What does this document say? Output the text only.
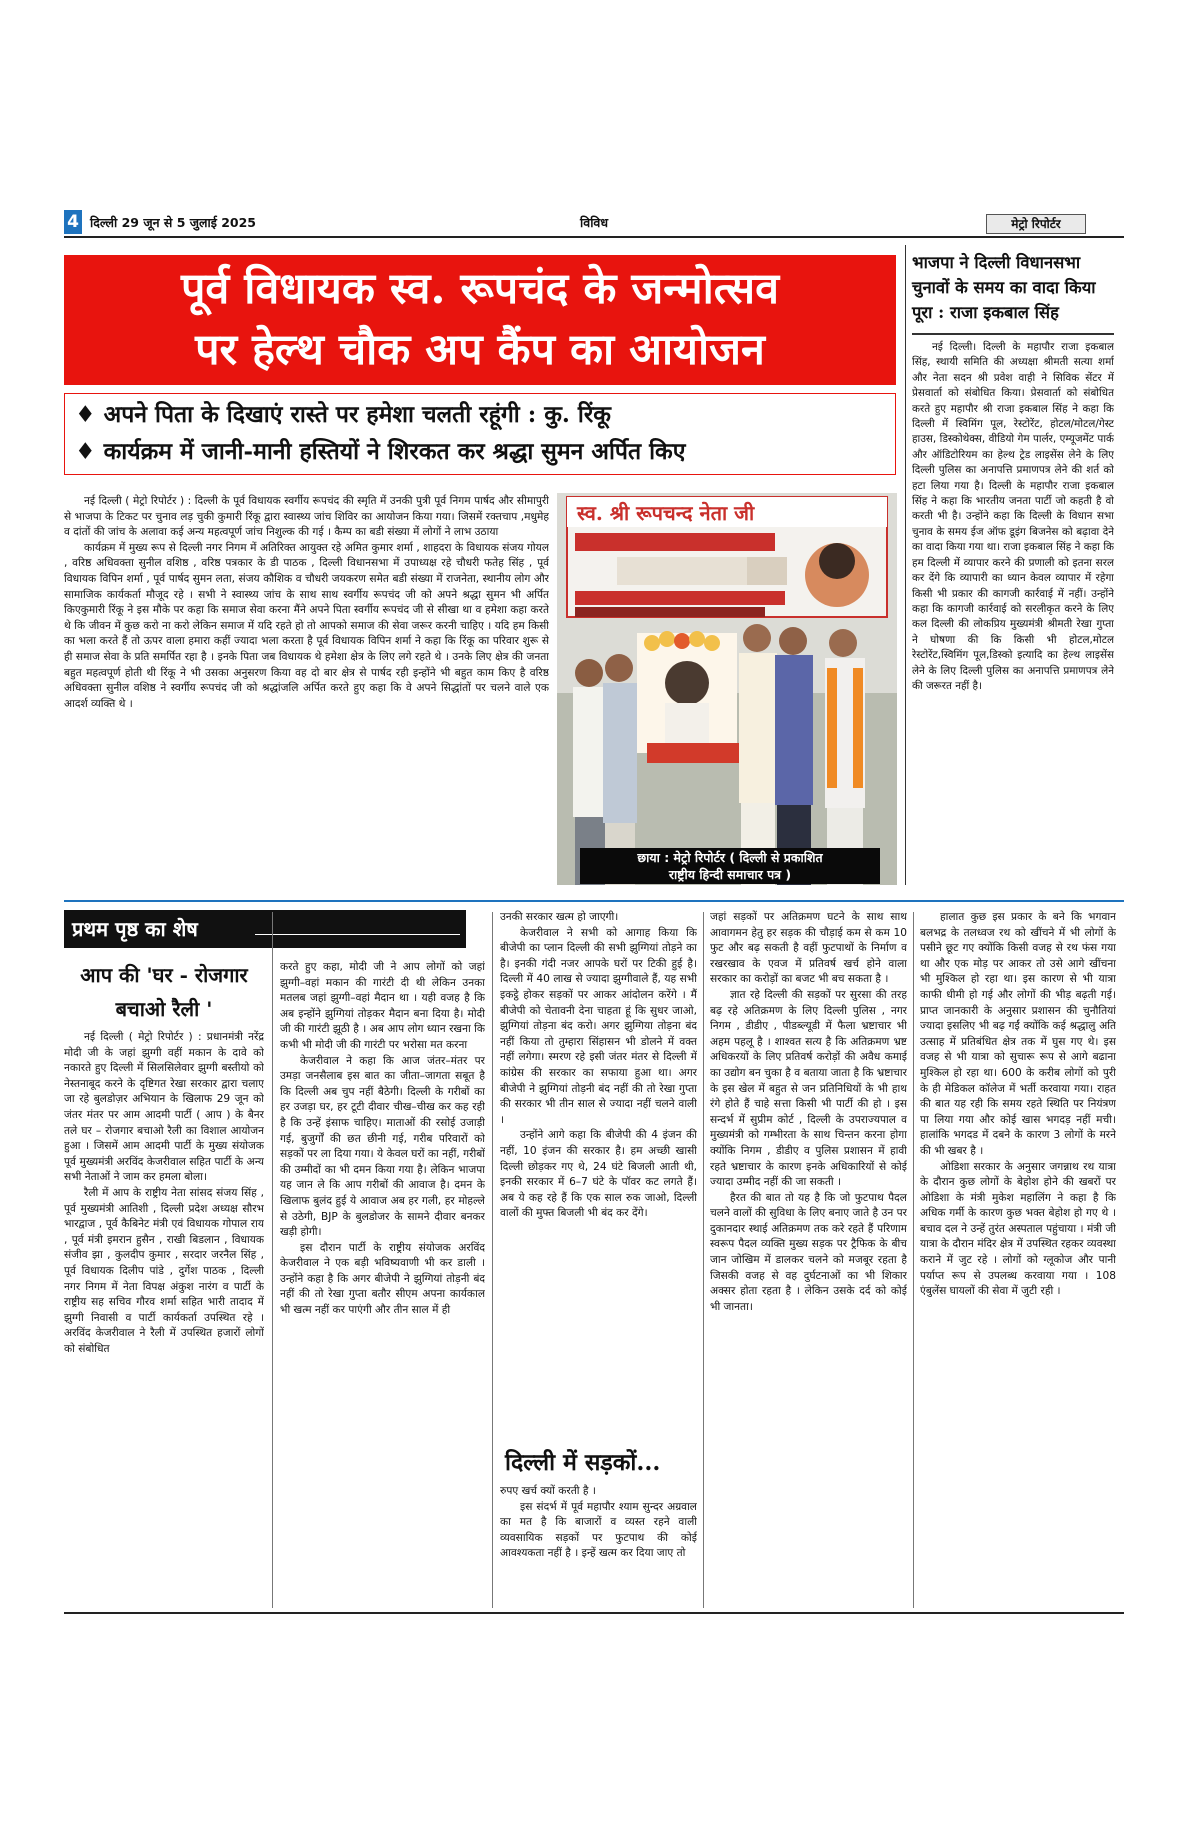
4 दिल्ली 29 जून से 5 जुलाई 2025	विविध	मेट्रो रिपोर्टर
पूर्व विधायक स्व. रूपचंद के जन्मोत्सव
पर हेल्थ चौक अप कैंप का आयोजन
♦ अपने पिता के दिखाएं रास्ते पर हमेशा चलती रहूंगी : कु. रिंकू
♦ कार्यक्रम में जानी-मानी हस्तियों ने शिरकत कर श्रद्धा सुमन अर्पित किए

नई दिल्ली ( मेट्रो रिपोर्टर ) : दिल्ली के पूर्व विधायक स्वर्गीय रूपचंद की स्मृति में उनकी पुत्री पूर्व निगम पार्षद और सीमापुरी से भाजपा के टिकट पर चुनाव लड़ चुकी कुमारी रिंकू द्वारा स्वास्थ्य जांच शिविर का आयोजन किया गया। जिसमें रक्तचाप ,मधुमेह व दांतों की जांच के अलावा कई अन्य महत्वपूर्ण जांच निशुल्क की गई । कैम्प का बडी संख्या में लोगों ने लाभ उठाया

कार्यक्रम में मुख्य रूप से दिल्ली नगर निगम में अतिरिक्त आयुक्त रहे अमित कुमार शर्मा , शाहदरा के विधायक संजय गोयल , वरिष्ठ अधिवक्ता सुनील वशिष्ठ , वरिष्ठ पत्रकार के डी पाठक , दिल्ली विधानसभा में उपाध्यक्ष रहे चौधरी फतेह सिंह , पूर्व विधायक विपिन शर्मा , पूर्व पार्षद सुमन लता, संजय कौशिक व चौधरी जयकरण समेत बडी संख्या में राजनेता, स्थानीय लोग और सामाजिक कार्यकर्ता मौजूद रहे । सभी ने स्वास्थ्य जांच के साथ साथ स्वर्गीय रूपचंद जी को अपने श्रद्धा सुमन भी अर्पित किएकुमारी रिंकू ने इस मौके पर कहा कि समाज सेवा करना मैंने अपने पिता स्वर्गीय रूपचंद जी से सीखा था व हमेशा कहा करते थे कि जीवन में कुछ करो ना करो लेकिन समाज में यदि रहते हो तो आपको समाज की सेवा जरूर करनी चाहिए । यदि हम किसी का भला करते हैं तो ऊपर वाला हमारा कहीं ज्यादा भला करता है पूर्व विधायक विपिन शर्मा ने कहा कि रिंकू का परिवार शुरू से ही समाज सेवा के प्रति समर्पित रहा है । इनके पिता जब विधायक थे हमेशा क्षेत्र के लिए लगे रहते थे । उनके लिए क्षेत्र की जनता बहुत महत्वपूर्ण होती थी रिंकू ने भी उसका अनुसरण किया वह दो बार क्षेत्र से पार्षद रही इन्होंने भी बहुत काम किए है वरिष्ठ अधिवक्ता सुनील वशिष्ठ ने स्वर्गीय रूपचंद जी को श्रद्धांजलि अर्पित करते हुए कहा कि वे अपने सिद्धांतों पर चलने वाले एक आदर्श व्यक्ति थे ।

स्व. श्री रूपचन्द नेता जी
छाया : मेट्रो रिपोर्टर ( दिल्ली से प्रकाशित
राष्ट्रीय हिन्दी समाचार पत्र )
भाजपा ने दिल्ली विधानसभा चुनावों के समय का वादा किया पूरा : राजा इकबाल सिंह

नई दिल्ली। दिल्ली के महापौर राजा इकबाल सिंह, स्थायी समिति की अध्यक्षा श्रीमती सत्या शर्मा और नेता सदन श्री प्रवेश वाही ने सिविक सेंटर में प्रेसवार्ता को संबोधित किया। प्रेसवार्ता को संबोधित करते हुए महापौर श्री राजा इकबाल सिंह ने कहा कि दिल्ली में स्विमिंग पूल, रेस्टोरेंट, होटल/मोटल/गेस्ट हाउस, डिस्कोथेक्स, वीडियो गेम पार्लर, एम्यूजमेंट पार्क और ऑडिटोरियम का हेल्थ ट्रेड लाइसेंस लेने के लिए दिल्ली पुलिस का अनापत्ति प्रमाणपत्र लेने की शर्त को हटा लिया गया है। दिल्ली के महापौर राजा इकबाल सिंह ने कहा कि भारतीय जनता पार्टी जो कहती है वो करती भी है। उन्होंने कहा कि दिल्ली के विधान सभा चुनाव के समय ईज ऑफ डूइंग बिजनेस को बढ़ावा देने का वादा किया गया था। राजा इकबाल सिंह ने कहा कि हम दिल्ली में व्यापार करने की प्रणाली को इतना सरल कर देंगे कि व्यापारी का ध्यान केवल व्यापार में रहेगा किसी भी प्रकार की कागजी कार्रवाई में नहीं। उन्होंने कहा कि कागजी कार्रवाई को सरलीकृत करने के लिए कल दिल्ली की लोकप्रिय मुख्यमंत्री श्रीमती रेखा गुप्ता ने घोषणा की कि किसी भी होटल,मोटल रेस्टोरेंट,स्विमिंग पूल,डिस्को इत्यादि का हेल्थ लाइसेंस लेने के लिए दिल्ली पुलिस का अनापत्ति प्रमाणपत्र लेने की जरूरत नहीं है।

प्रथम पृष्ठ का शेष
आप की 'घर - रोजगार बचाओ रैली '

नई दिल्ली ( मेट्रो रिपोर्टर ) : प्रधानमंत्री नरेंद्र मोदी जी के जहां झुग्गी वहीं मकान के दावे को नकारते हुए दिल्ली में सिलसिलेवार झुग्गी बस्तीयो को नेस्तनाबूद करने के दृष्टिगत रेखा सरकार द्वारा चलाए जा रहे बुलडोज़र अभियान के खिलाफ 29 जून को जंतर मंतर पर आम आदमी पार्टी ( आप ) के बैनर तले घर – रोजगार बचाओ रैली का विशाल आयोजन हुआ । जिसमें आम आदमी पार्टी के मुख्य संयोजक पूर्व मुख्यमंत्री अरविंद केजरीवाल सहित पार्टी के अन्य सभी नेताओं ने जाम कर हमला बोला।

रैली में आप के राष्ट्रीय नेता सांसद संजय सिंह , पूर्व मुख्यमंत्री आतिशी , दिल्ली प्रदेश अध्यक्ष सौरभ भारद्वाज , पूर्व कैबिनेट मंत्री एवं विधायक गोपाल राय , पूर्व मंत्री इमरान हुसैन , राखी बिडलान , विधायक संजीव झा , कुलदीप कुमार , सरदार जरनैल सिंह , पूर्व विधायक दिलीप पांडे , दुर्गेश पाठक , दिल्ली नगर निगम में नेता विपक्ष अंकुश नारंग व पार्टी के राष्ट्रीय सह सचिव गौरव शर्मा सहित भारी तादाद में झुग्गी निवासी व पार्टी कार्यकर्ता उपस्थित रहे । अरविंद केजरीवाल ने रैली में उपस्थित हजारों लोगों को संबोधित

करते हुए कहा, मोदी जी ने आप लोगों को जहां झुग्गी–वहां मकान की गारंटी दी थी लेकिन उनका मतलब जहां झुग्गी–वहां मैदान था । यही वजह है कि अब इन्होंने झुग्गियां तोड़कर मैदान बना दिया है। मोदी जी की गारंटी झूठी है । अब आप लोग ध्यान रखना कि कभी भी मोदी जी की गारंटी पर भरोसा मत करना

केजरीवाल ने कहा कि आज जंतर–मंतर पर उमड़ा जनसैलाब इस बात का जीता–जागता सबूत है कि दिल्ली अब चुप नहीं बैठेगी। दिल्ली के गरीबों का हर उजड़ा घर, हर टूटी दीवार चीख–चीख कर कह रही है कि उन्हें इंसाफ चाहिए। माताओं की रसोई उजाड़ी गई, बुजुर्गों की छत छीनी गई, गरीब परिवारों को सड़कों पर ला दिया गया। ये केवल घरों का नहीं, गरीबों की उम्मीदों का भी दमन किया गया है। लेकिन भाजपा यह जान ले कि आप गरीबों की आवाज है। दमन के खिलाफ बुलंद हुई ये आवाज अब हर गली, हर मोहल्ले से उठेगी, BJP के बुलडोजर के सामने दीवार बनकर खड़ी होगी।

इस दौरान पार्टी के राष्ट्रीय संयोजक अरविंद केजरीवाल ने एक बड़ी भविष्यवाणी भी कर डाली । उन्होंने कहा है कि अगर बीजेपी ने झुग्गियां तोड़नी बंद नहीं की तो रेखा गुप्ता बतौर सीएम अपना कार्यकाल भी खत्म नहीं कर पाएंगी और तीन साल में ही

उनकी सरकार खत्म हो जाएगी।

केजरीवाल ने सभी को आगाह किया कि बीजेपी का प्लान दिल्ली की सभी झुग्गियां तोड़ने का है। इनकी गंदी नजर आपके घरों पर टिकी हुई है। दिल्ली में 40 लाख से ज्यादा झुग्गीवाले हैं, यह सभी इकट्ठे होकर सड़कों पर आकर आंदोलन करेंगे । मैं बीजेपी को चेतावनी देना चाहता हूं कि सुधर जाओ, झुग्गियां तोड़ना बंद करो। अगर झुग्गिया तोड़ना बंद नहीं किया तो तुम्हारा सिंहासन भी डोलने में वक्त नहीं लगेगा। स्मरण रहे इसी जंतर मंतर से दिल्ली में कांग्रेस की सरकार का सफाया हुआ था। अगर बीजेपी ने झुग्गियां तोड़नी बंद नहीं की तो रेखा गुप्ता की सरकार भी तीन साल से ज्यादा नहीं चलने वाली ।

उन्होंने आगे कहा कि बीजेपी की 4 इंजन की नहीं, 10 इंजन की सरकार है। हम अच्छी खासी दिल्ली छोड़कर गए थे, 24 घंटे बिजली आती थी, इनकी सरकार में 6–7 घंटे के पॉवर कट लगते हैं। अब ये कह रहे हैं कि एक साल रुक जाओ, दिल्ली वालों की मुफ्त बिजली भी बंद कर देंगे।

दिल्ली में सड़कों...

रुपए खर्च क्यों करती है ।

इस संदर्भ में पूर्व महापौर श्याम सुन्दर अग्रवाल का मत है कि बाजारों व व्यस्त रहने वाली व्यवसायिक सड़कों पर फुटपाथ की कोई आवश्यकता नहीं है । इन्हें खत्म कर दिया जाए तो

जहां सड़कों पर अतिक्रमण घटने के साथ साथ आवागमन हेतु हर सड़क की चौड़ाई कम से कम 10 फुट और बढ़ सकती है वहीं फुटपाथों के निर्माण व रखरखाव के एवज में प्रतिवर्ष खर्च होने वाला सरकार का करोड़ों का बजट भी बच सकता है ।

ज्ञात रहे दिल्ली की सड़कों पर सुरसा की तरह बढ़ रहे अतिक्रमण के लिए दिल्ली पुलिस , नगर निगम , डीडीए , पीडब्ल्यूडी में फैला भ्रष्टाचार भी अहम पहलू है । शाश्वत सत्य है कि अतिक्रमण भ्रष्ट अधिकरयों के लिए प्रतिवर्ष करोड़ों की अवैध कमाई का उद्योग बन चुका है व बताया जाता है कि भ्रष्टाचार के इस खेल में बहुत से जन प्रतिनिधियों के भी हाथ रंगे होते हैं चाहे सत्ता किसी भी पार्टी की हो । इस सन्दर्भ में सुप्रीम कोर्ट , दिल्ली के उपराज्यपाल व मुख्यमंत्री को गम्भीरता के साथ चिन्तन करना होगा क्योंकि निगम , डीडीए व पुलिस प्रशासन में हावी रहते भ्रष्टाचार के कारण इनके अधिकारियों से कोई ज्यादा उम्मीद नहीं की जा सकती ।

हैरत की बात तो यह है कि जो फुटपाथ पैदल चलने वालों की सुविधा के लिए बनाए जाते है उन पर दुकानदार स्थाई अतिक्रमण तक करे रहते हैं परिणाम स्वरूप पैदल व्यक्ति मुख्य सड़क पर ट्रैफिक के बीच जान जोखिम में डालकर चलने को मजबूर रहता है जिसकी वजह से वह दुर्घटनाओं का भी शिकार अक्सर होता रहता है । लेकिन उसके दर्द को कोई भी जानता।

हालात कुछ इस प्रकार के बने कि भगवान बलभद्र के तलध्वज रथ को खींचने में भी लोगों के पसीने छूट गए क्योंकि किसी वजह से रथ फंस गया था और एक मोड़ पर आकर तो उसे आगे खींचना भी मुश्किल हो रहा था। इस कारण से भी यात्रा काफी धीमी हो गई और लोगों की भीड़ बढ़ती गई। प्राप्त जानकारी के अनुसार प्रशासन की चुनौतियां ज्यादा इसलिए भी बढ़ गईं क्योंकि कई श्रद्धालु अति उत्साह में प्रतिबंधित क्षेत्र तक में घुस गए थे। इस वजह से भी यात्रा को सुचारू रूप से आगे बढाना मुश्किल हो रहा था। 600 के करीब लोगों को पुरी के ही मेडिकल कॉलेज में भर्ती करवाया गया। राहत की बात यह रही कि समय रहते स्थिति पर नियंत्रण पा लिया गया और कोई खास भगदड़ नहीं मची। हालांकि भगदड में दबने के कारण 3 लोगों के मरने की भी खबर है ।

ओडिशा सरकार के अनुसार जगन्नाथ रथ यात्रा के दौरान कुछ लोगों के बेहोश होने की खबरों पर ओडिशा के मंत्री मुकेश महालिंग ने कहा है कि अधिक गर्मी के कारण कुछ भक्त बेहोश हो गए थे । बचाव दल ने उन्हें तुरंत अस्पताल पहुंचाया । मंत्री जी यात्रा के दौरान मंदिर क्षेत्र में उपस्थित रहकर व्यवस्था कराने में जुट रहे । लोगों को ग्लूकोज और पानी पर्याप्त रूप से उपलब्ध करवाया गया । 108 एंबुलेंस घायलों की सेवा में जुटी रही ।
